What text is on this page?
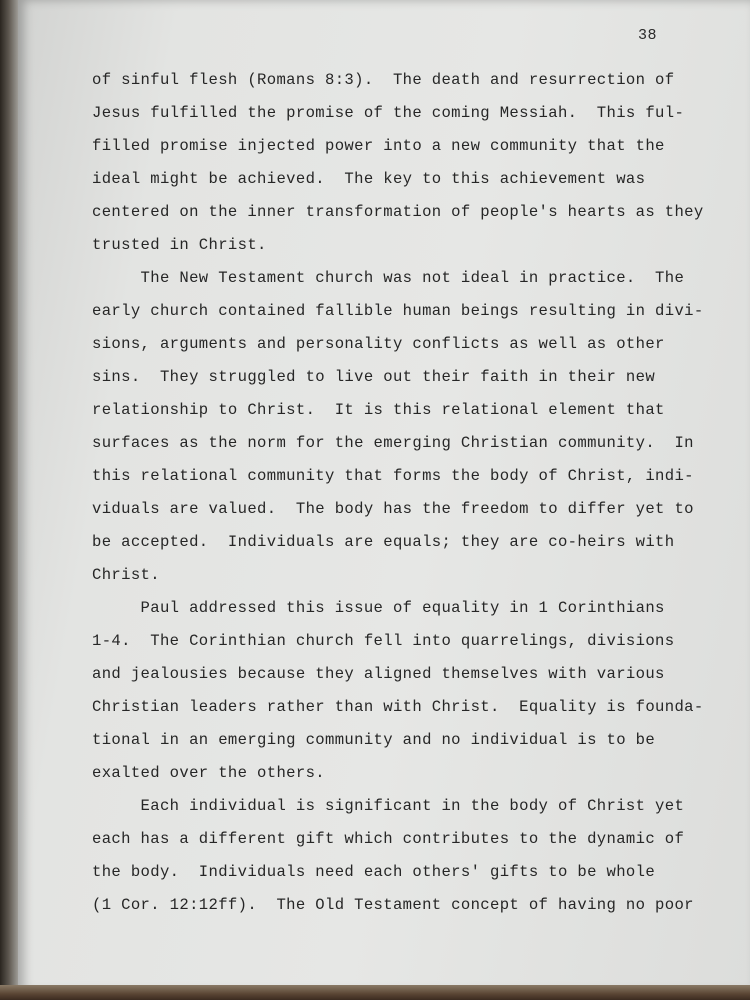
38
of sinful flesh (Romans 8:3).  The death and resurrection of
Jesus fulfilled the promise of the coming Messiah.  This ful-
filled promise injected power into a new community that the
ideal might be achieved.  The key to this achievement was
centered on the inner transformation of people's hearts as they
trusted in Christ.
The New Testament church was not ideal in practice.  The
early church contained fallible human beings resulting in divi-
sions, arguments and personality conflicts as well as other
sins.  They struggled to live out their faith in their new
relationship to Christ.  It is this relational element that
surfaces as the norm for the emerging Christian community.  In
this relational community that forms the body of Christ, indi-
viduals are valued.  The body has the freedom to differ yet to
be accepted.  Individuals are equals; they are co-heirs with
Christ.
Paul addressed this issue of equality in 1 Corinthians
1-4.  The Corinthian church fell into quarrelings, divisions
and jealousies because they aligned themselves with various
Christian leaders rather than with Christ.  Equality is founda-
tional in an emerging community and no individual is to be
exalted over the others.
Each individual is significant in the body of Christ yet
each has a different gift which contributes to the dynamic of
the body.  Individuals need each others' gifts to be whole
(1 Cor. 12:12ff).  The Old Testament concept of having no poor
